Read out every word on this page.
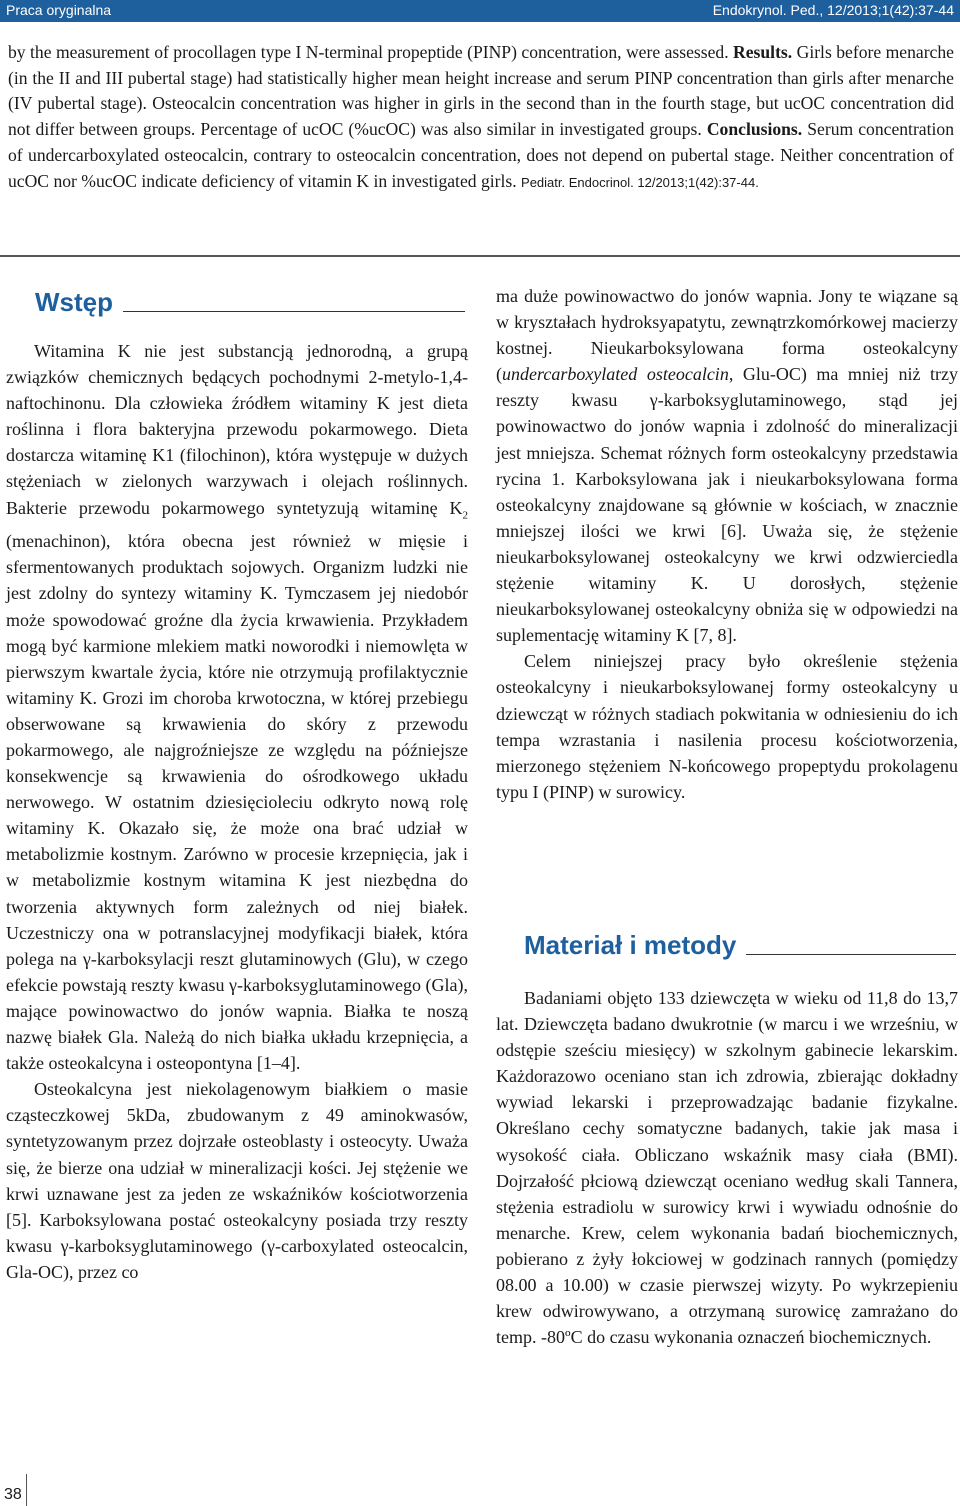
Praca oryginalna	Endokrynol. Ped., 12/2013;1(42):37-44
by the measurement of procollagen type I N-terminal propeptide (PINP) concentration, were assessed. Results. Girls before menarche (in the II and III pubertal stage) had statistically higher mean height increase and serum PINP concentration than girls after menarche (IV pubertal stage). Osteocalcin concentration was higher in girls in the second than in the fourth stage, but ucOC concentration did not differ between groups. Percentage of ucOC (%ucOC) was also similar in investigated groups. Conclusions. Serum concentration of undercarboxylated osteocalcin, contrary to osteocalcin concentration, does not depend on pubertal stage. Neither concentration of ucOC nor %ucOC indicate deficiency of vitamin K in investigated girls. Pediatr. Endocrinol. 12/2013;1(42):37-44.
Wstęp

Witamina K nie jest substancją jednorodną, a grupą związków chemicznych będących pochodnymi 2-metylo-1,4-naftochinonu. Dla człowieka źródłem witaminy K jest dieta roślinna i flora bakteryjna przewodu pokarmowego. Dieta dostarcza witaminę K1 (filochinon), która występuje w dużych stężeniach w zielonych warzywach i olejach roślinnych. Bakterie przewodu pokarmowego syntetyzują witaminę $K_2$ (menachinon), która obecna jest również w mięsie i sfermentowanych produktach sojowych. Organizm ludzki nie jest zdolny do syntezy witaminy K. Tymczasem jej niedobór może spowodować groźne dla życia krwawienia. Przykładem mogą być karmione mlekiem matki noworodki i niemowlęta w pierwszym kwartale życia, które nie otrzymują profilaktycznie witaminy K. Grozi im choroba krwotoczna, w której przebiegu obserwowane są krwawienia do skóry z przewodu pokarmowego, ale najgroźniejsze ze względu na późniejsze konsekwencje są krwawienia do ośrodkowego układu nerwowego. W ostatnim dziesięcioleciu odkryto nową rolę witaminy K. Okazało się, że może ona brać udział w metabolizmie kostnym. Zarówno w procesie krzepnięcia, jak i w metabolizmie kostnym witamina K jest niezbędna do tworzenia aktywnych form zależnych od niej białek. Uczestniczy ona w potranslacyjnej modyfikacji białek, która polega na γ-karboksylacji reszt glutaminowych (Glu), w czego efekcie powstają reszty kwasu γ-karboksyglutaminowego (Gla), mające powinowactwo do jonów wapnia. Białka te noszą nazwę białek Gla. Należą do nich białka układu krzepnięcia, a także osteokalcyna i osteopontyna [1–4].

Osteokalcyna jest niekolagenowym białkiem o masie cząsteczkowej 5kDa, zbudowanym z 49 aminokwasów, syntetyzowanym przez dojrzałe osteoblasty i osteocyty. Uważa się, że bierze ona udział w mineralizacji kości. Jej stężenie we krwi uznawane jest za jeden ze wskaźników kościotworzenia [5]. Karboksylowana postać osteokalcyny posiada trzy reszty kwasu γ-karboksyglutaminowego (γ-carboxylated osteocalcin, Gla-OC), przez co

ma duże powinowactwo do jonów wapnia. Jony te wiązane są w kryształach hydroksyapatytu, zewnątrzkomórkowej macierzy kostnej. Nieukarboksylowana forma osteokalcyny (undercarboxylated osteocalcin, Glu-OC) ma mniej niż trzy reszty kwasu γ-karboksyglutaminowego, stąd jej powinowactwo do jonów wapnia i zdolność do mineralizacji jest mniejsza. Schemat różnych form osteokalcyny przedstawia rycina 1. Karboksylowana jak i nieukarboksylowana forma osteokalcyny znajdowane są głównie w kościach, w znacznie mniejszej ilości we krwi [6]. Uważa się, że stężenie nieukarboksylowanej osteokalcyny we krwi odzwierciedla stężenie witaminy K. U dorosłych, stężenie nieukarboksylowanej osteokalcyny obniża się w odpowiedzi na suplementację witaminy K [7, 8].

Celem niniejszej pracy było określenie stężenia osteokalcyny i nieukarboksylowanej formy osteokalcyny u dziewcząt w różnych stadiach pokwitania w odniesieniu do ich tempa wzrastania i nasilenia procesu kościotworzenia, mierzonego stężeniem N-końcowego propeptydu prokolagenu typu I (PINP) w surowicy.

Materiał i metody

Badaniami objęto 133 dziewczęta w wieku od 11,8 do 13,7 lat. Dziewczęta badano dwukrotnie (w marcu i we wrześniu, w odstępie sześciu miesięcy) w szkolnym gabinecie lekarskim. Każdorazowo oceniano stan ich zdrowia, zbierając dokładny wywiad lekarski i przeprowadzając badanie fizykalne. Określano cechy somatyczne badanych, takie jak masa i wysokość ciała. Obliczano wskaźnik masy ciała (BMI). Dojrzałość płciową dziewcząt oceniano według skali Tannera, stężenia estradiolu w surowicy krwi i wywiadu odnośnie do menarche. Krew, celem wykonania badań biochemicznych, pobierano z żyły łokciowej w godzinach rannych (pomiędzy 08.00 a 10.00) w czasie pierwszej wizyty. Po wykrzepieniu krew odwirowywano, a otrzymaną surowicę zamrażano do temp. -80ºC do czasu wykonania oznaczeń biochemicznych.

38
